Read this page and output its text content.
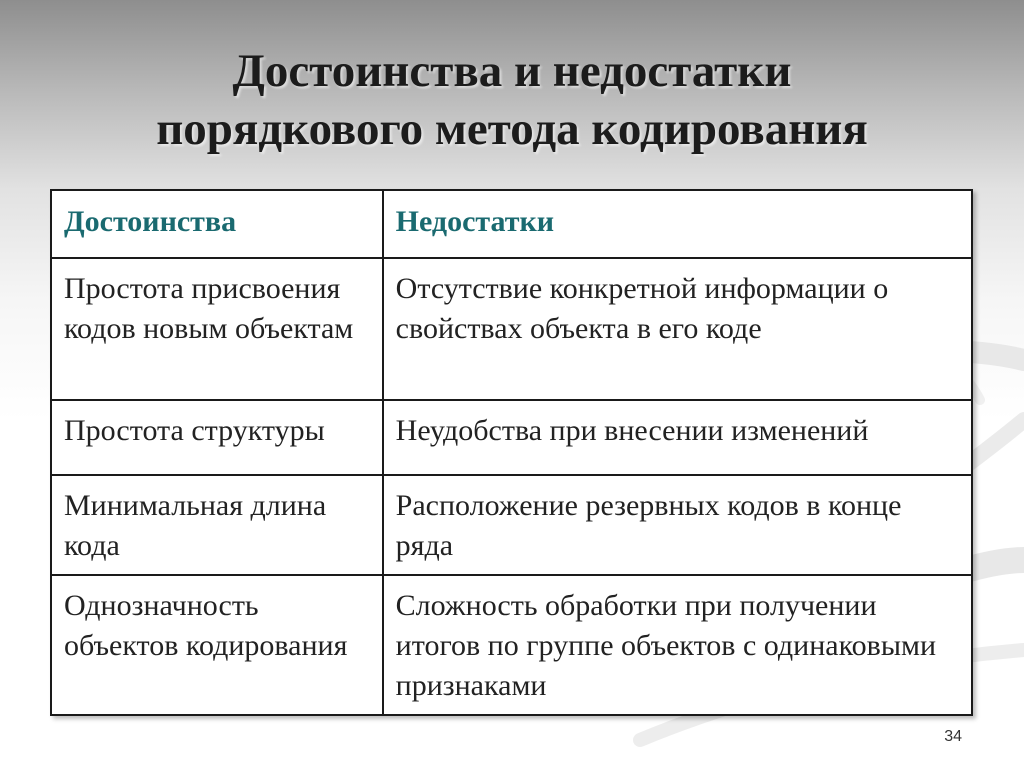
Достоинства и недостатки
порядкового метода кодирования
Достоинства	Недостатки
Простота присвоения кодов новым объектам	Отсутствие конкретной информации о свойствах объекта в его коде
Простота структуры	Неудобства при внесении изменений
Минимальная длина кода	Расположение резервных кодов в конце ряда
Однозначность объектов кодирования	Сложность обработки при получении итогов по группе объектов с одинаковыми признаками
34
